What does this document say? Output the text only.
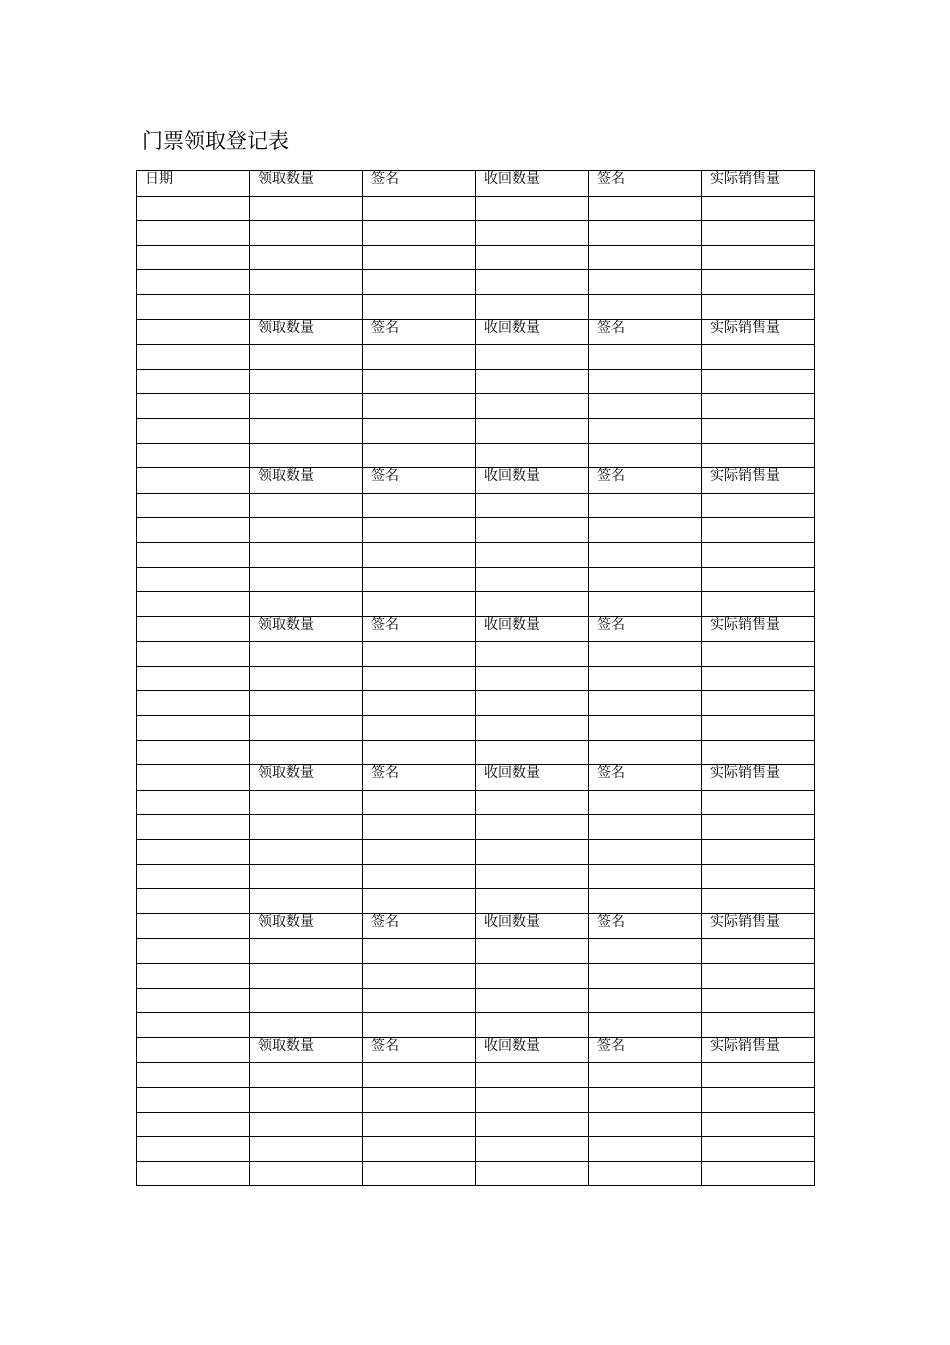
门票领取登记表
日期	领取数量	签名	收回数量	签名	实际销售量

	领取数量	签名	收回数量	签名	实际销售量

	领取数量	签名	收回数量	签名	实际销售量

	领取数量	签名	收回数量	签名	实际销售量

	领取数量	签名	收回数量	签名	实际销售量

	领取数量	签名	收回数量	签名	实际销售量

	领取数量	签名	收回数量	签名	实际销售量
